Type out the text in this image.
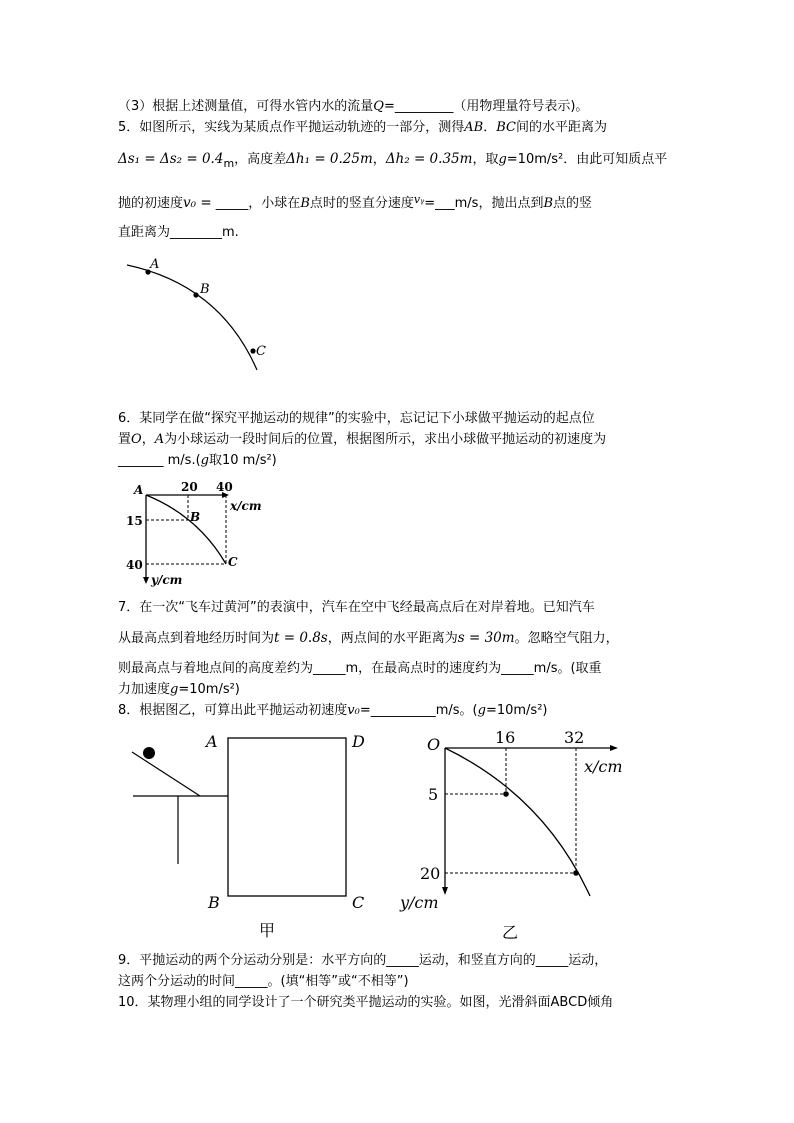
（3）根据上述测量值，可得水管内水的流量Q=_________（用物理量符号表示)。
5．如图所示，实线为某质点作平抛运动轨迹的一部分，测得AB．BC间的水平距离为
$\Delta s_1 = \Delta s_2 = 0.4_m$，高度差Δh₁ = 0.25m，Δh₂ = 0.35m，取g=10m/s²．由此可知质点平
抛的初速度v₀ = _____，小球在B点时的竖直分速度$^{vᵧ}$=___m/s，抛出点到B点的竖
直距离为________m.
A
B
C
6．某同学在做“探究平抛运动的规律”的实验中，忘记记下小球做平抛运动的起点位
置O，A为小球运动一段时间后的位置，根据图所示，求出小球做平抛运动的初速度为
_______ m/s.(g取10 m/s²)
A	20 40
x/cm
15
40
B
C
y/cm
7．在一次“飞车过黄河”的表演中，汽车在空中飞经最高点后在对岸着地。已知汽车
从最高点到着地经历时间为t = 0.8s，两点间的水平距离为s = 30m。忽略空气阻力，
则最高点与着地点间的高度差约为_____m，在最高点时的速度约为_____m/s。(取重
力加速度g=10m/s²)
8．根据图乙，可算出此平抛运动初速度v₀=__________m/s。(g=10m/s²)
A	D
B	C
甲
O	16	32
x/cm
5
20
y/cm
乙
9．平抛运动的两个分运动分别是：水平方向的_____运动，和竖直方向的_____运动，
这两个分运动的时间_____。(填“相等”或“不相等”)
10．某物理小组的同学设计了一个研究类平抛运动的实验。如图，光滑斜面ABCD倾角
